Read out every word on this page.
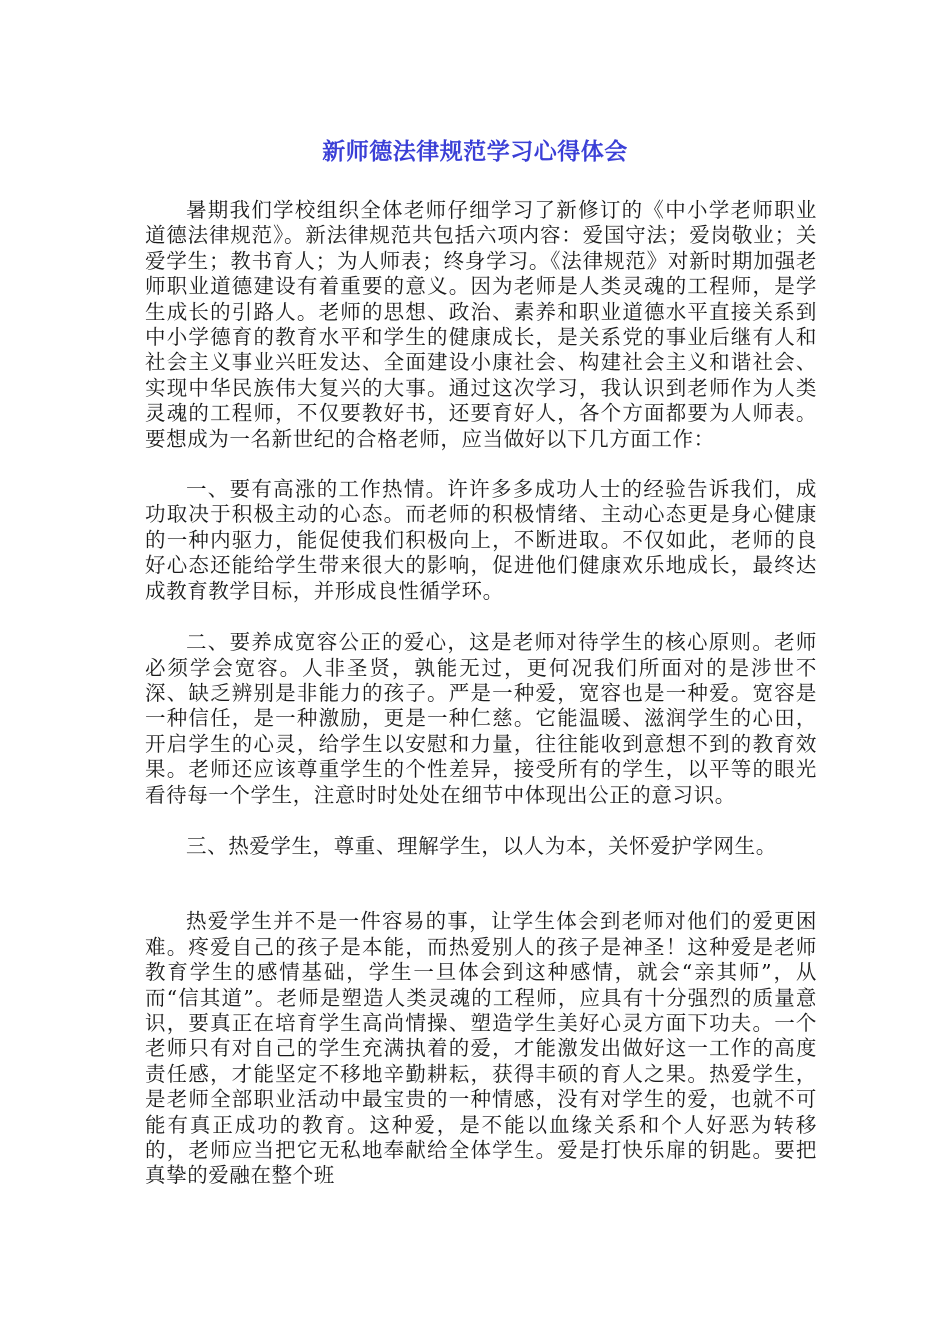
新师德法律规范学习心得体会

暑期我们学校组织全体老师仔细学习了新修订的《中小学老师职业道德法律规范》。新法律规范共包括六项内容：爱国守法；爱岗敬业；关爱学生；教书育人；为人师表；终身学习。《法律规范》对新时期加强老师职业道德建设有着重要的意义。因为老师是人类灵魂的工程师，是学生成长的引路人。老师的思想、政治、素养和职业道德水平直接关系到中小学德育的教育水平和学生的健康成长，是关系党的事业后继有人和社会主义事业兴旺发达、全面建设小康社会、构建社会主义和谐社会、实现中华民族伟大复兴的大事。通过这次学习，我认识到老师作为人类灵魂的工程师，不仅要教好书，还要育好人，各个方面都要为人师表。要想成为一名新世纪的合格老师，应当做好以下几方面工作：

一、要有高涨的工作热情。许许多多成功人士的经验告诉我们，成功取决于积极主动的心态。而老师的积极情绪、主动心态更是身心健康的一种内驱力，能促使我们积极向上，不断进取。不仅如此，老师的良好心态还能给学生带来很大的影响，促进他们健康欢乐地成长，最终达成教育教学目标，并形成良性循学环。

二、要养成宽容公正的爱心，这是老师对待学生的核心原则。老师必须学会宽容。人非圣贤，孰能无过，更何况我们所面对的是涉世不深、缺乏辨别是非能力的孩子。严是一种爱，宽容也是一种爱。宽容是一种信任，是一种激励，更是一种仁慈。它能温暖、滋润学生的心田，开启学生的心灵，给学生以安慰和力量，往往能收到意想不到的教育效果。老师还应该尊重学生的个性差异，接受所有的学生，以平等的眼光看待每一个学生，注意时时处处在细节中体现出公正的意习识。

三、热爱学生，尊重、理解学生，以人为本，关怀爱护学网生。

热爱学生并不是一件容易的事，让学生体会到老师对他们的爱更困难。疼爱自己的孩子是本能，而热爱别人的孩子是神圣！这种爱是老师教育学生的感情基础，学生一旦体会到这种感情，就会“亲其师”，从而“信其道”。老师是塑造人类灵魂的工程师，应具有十分强烈的质量意识，要真正在培育学生高尚情操、塑造学生美好心灵方面下功夫。一个老师只有对自己的学生充满执着的爱，才能激发出做好这一工作的高度责任感，才能坚定不移地辛勤耕耘，获得丰硕的育人之果。热爱学生，是老师全部职业活动中最宝贵的一种情感，没有对学生的爱，也就不可能有真正成功的教育。这种爱，是不能以血缘关系和个人好恶为转移的，老师应当把它无私地奉献给全体学生。爱是打快乐扉的钥匙。要把真挚的爱融在整个班
